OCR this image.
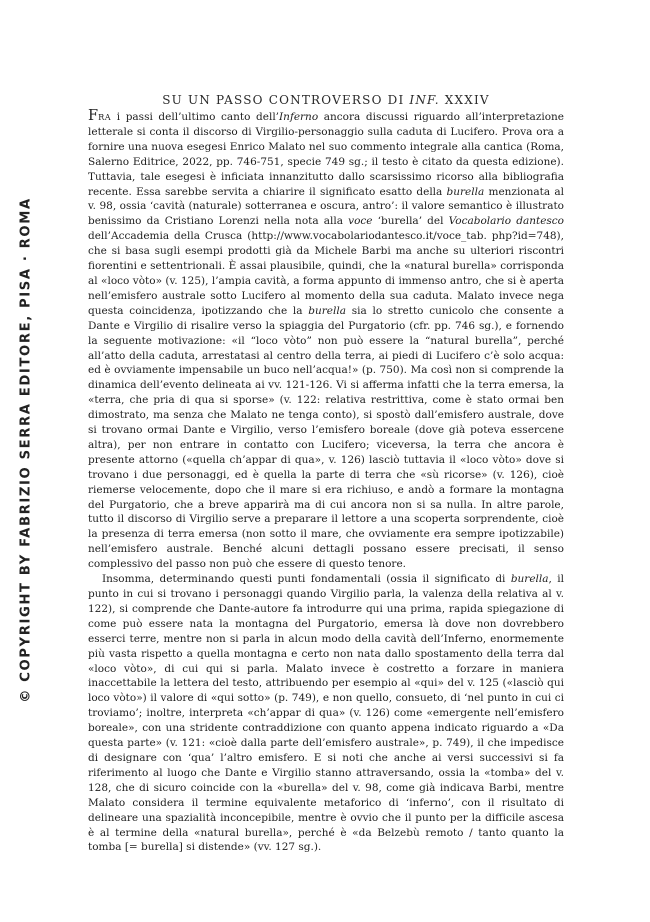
© COPYRIGHT BY FABRIZIO SERRA EDITORE, PISA · ROMA
SU UN PASSO CONTROVERSO DI INF. XXXIV

FRA i passi dell’ultimo canto dell’Inferno ancora discussi riguardo all’interpretazione letterale si conta il discorso di Virgilio-personaggio sulla caduta di Lucifero. Prova ora a fornire una nuova esegesi Enrico Malato nel suo commento integrale alla cantica (Roma, Salerno Editrice, 2022, pp. 746-751, specie 749 sg.; il testo è citato da questa edizione). Tuttavia, tale esegesi è inficiata innanzitutto dallo scarsissimo ricorso alla bibliografia recente. Essa sarebbe servita a chiarire il significato esatto della burella menzionata al v. 98, ossia ‘cavità (naturale) sotterranea e oscura, antro’: il valore semantico è illustrato benissimo da Cristiano Lorenzi nella nota alla voce ‘burella’ del Vocabolario dantesco dell’Accademia della Crusca (http://www.vocabolariodantesco.it/voce_tab. php?id=748), che si basa sugli esempi prodotti già da Michele Barbi ma anche su ulteriori riscontri fiorentini e settentrionali. È assai plausibile, quindi, che la «natural burella» corrisponda al «loco vòto» (v. 125), l’ampia cavità, a forma appunto di immenso antro, che si è aperta nell’emisfero australe sotto Lucifero al momento della sua caduta. Malato invece nega questa coincidenza, ipotizzando che la burella sia lo stretto cunicolo che consente a Dante e Virgilio di risalire verso la spiaggia del Purgatorio (cfr. pp. 746 sg.), e fornendo la seguente motivazione: «il “loco vòto” non può essere la “natural burella”, perché all’atto della caduta, arrestatasi al centro della terra, ai piedi di Lucifero c’è solo acqua: ed è ovviamente impensabile un buco nell’acqua!» (p. 750). Ma così non si comprende la dinamica dell’evento delineata ai vv. 121-126. Vi si afferma infatti che la terra emersa, la «terra, che pria di qua si sporse» (v. 122: relativa restrittiva, come è stato ormai ben dimostrato, ma senza che Malato ne tenga conto), si spostò dall’emisfero australe, dove si trovano ormai Dante e Virgilio, verso l’emisfero boreale (dove già poteva essercene altra), per non entrare in contatto con Lucifero; viceversa, la terra che ancora è presente attorno («quella ch’appar di qua», v. 126) lasciò tuttavia il «loco vòto» dove si trovano i due personaggi, ed è quella la parte di terra che «sù ricorse» (v. 126), cioè riemerse velocemente, dopo che il mare si era richiuso, e andò a formare la montagna del Purgatorio, che a breve apparirà ma di cui ancora non si sa nulla. In altre parole, tutto il discorso di Virgilio serve a preparare il lettore a una scoperta sorprendente, cioè la presenza di terra emersa (non sotto il mare, che ovviamente era sempre ipotizzabile) nell’emisfero australe. Benché alcuni dettagli possano essere precisati, il senso complessivo del passo non può che essere di questo tenore.

Insomma, determinando questi punti fondamentali (ossia il significato di burella, il punto in cui si trovano i personaggi quando Virgilio parla, la valenza della relativa al v. 122), si comprende che Dante-autore fa introdurre qui una prima, rapida spiegazione di come può essere nata la montagna del Purgatorio, emersa là dove non dovrebbero esserci terre, mentre non si parla in alcun modo della cavità dell’Inferno, enormemente più vasta rispetto a quella montagna e certo non nata dallo spostamento della terra dal «loco vòto», di cui qui si parla. Malato invece è costretto a forzare in maniera inaccettabile la lettera del testo, attribuendo per esempio al «qui» del v. 125 («lasciò qui loco vòto») il valore di «qui sotto» (p. 749), e non quello, consueto, di ‘nel punto in cui ci troviamo’; inoltre, interpreta «ch’appar di qua» (v. 126) come «emergente nell’emisfero boreale», con una stridente contraddizione con quanto appena indicato riguardo a «Da questa parte» (v. 121: «cioè dalla parte dell’emisfero australe», p. 749), il che impedisce di designare con ‘qua’ l’altro emisfero. E si noti che anche ai versi successivi si fa riferimento al luogo che Dante e Virgilio stanno attraversando, ossia la «tomba» del v. 128, che di sicuro coincide con la «burella» del v. 98, come già indicava Barbi, mentre Malato considera il termine equivalente metaforico di ‘inferno’, con il risultato di delineare una spazialità inconcepibile, mentre è ovvio che il punto per la difficile ascesa è al termine della «natural burella», perché è «da Belzebù remoto / tanto quanto la tomba [= burella] si distende» (vv. 127 sg.).
